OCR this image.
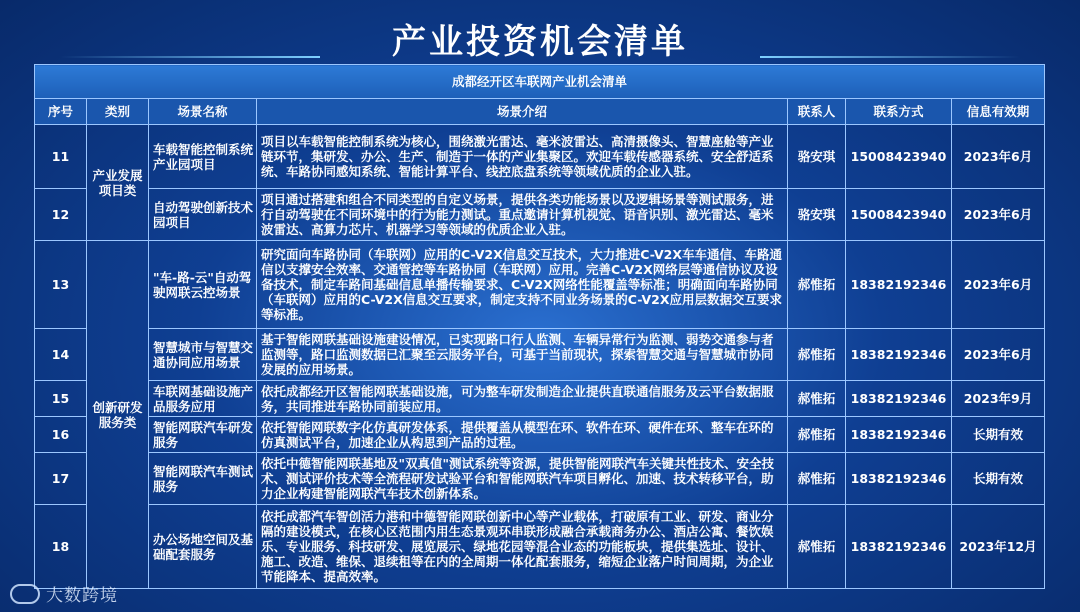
产业投资机会清单
成都经开区车联网产业机会清单						
序号	类别	场景名称	场景介绍	联系人	联系方式	信息有效期
11	产业发展项目类	车载智能控制系统产业园项目	项目以车载智能控制系统为核心，围绕激光雷达、毫米波雷达、高清摄像头、智慧座舱等产业链环节，集研发、办公、生产、制造于一体的产业集聚区。欢迎车载传感器系统、安全舒适系统、车路协同感知系统、智能计算平台、线控底盘系统等领域优质的企业入驻。	骆安琪	15008423940	2023年6月
12		自动驾驶创新技术园项目	项目通过搭建和组合不同类型的自定义场景，提供各类功能场景以及逻辑场景等测试服务，进行自动驾驶在不同环境中的行为能力测试。重点邀请计算机视觉、语音识别、激光雷达、毫米波雷达、高算力芯片、机器学习等领域的优质企业入驻。	骆安琪	15008423940	2023年6月
13	创新研发服务类	"车-路-云"自动驾驶网联云控场景	研究面向车路协同（车联网）应用的C-V2X信息交互技术，大力推进C-V2X车车通信、车路通信以支撑安全效率、交通管控等车路协同（车联网）应用。完善C-V2X网络层等通信协议及设备技术，制定车路间基础信息单播传输要求、C-V2X网络性能覆盖等标准；明确面向车路协同（车联网）应用的C-V2X信息交互要求，制定支持不同业务场景的C-V2X应用层数据交互要求等标准。	郝惟拓	18382192346	2023年6月
14		智慧城市与智慧交通协同应用场景	基于智能网联基础设施建设情况，已实现路口行人监测、车辆异常行为监测、弱势交通参与者监测等，路口监测数据已汇聚至云服务平台，可基于当前现状，探索智慧交通与智慧城市协同发展的应用场景。	郝惟拓	18382192346	2023年6月
15		车联网基础设施产品服务应用	依托成都经开区智能网联基础设施，可为整车研发制造企业提供直联通信服务及云平台数据服务，共同推进车路协同前装应用。	郝惟拓	18382192346	2023年9月
16		智能网联汽车研发服务	依托智能网联数字化仿真研发体系，提供覆盖从模型在环、软件在环、硬件在环、整车在环的仿真测试平台，加速企业从构思到产品的过程。	郝惟拓	18382192346	长期有效
17		智能网联汽车测试服务	依托中德智能网联基地及"双真值"测试系统等资源，提供智能网联汽车关键共性技术、安全技术、测试评价技术等全流程研发试验平台和智能网联汽车项目孵化、加速、技术转移平台，助力企业构建智能网联汽车技术创新体系。	郝惟拓	18382192346	长期有效
18		办公场地空间及基础配套服务	依托成都汽车智创活力港和中德智能网联创新中心等产业载体，打破原有工业、研发、商业分隔的建设模式，在核心区范围内用生态景观环串联形成融合承载商务办公、酒店公寓、餐饮娱乐、专业服务、科技研发、展览展示、绿地花园等混合业态的功能板块，提供集选址、设计、施工、改造、维保、退续租等在内的全周期一体化配套服务，缩短企业落户时间周期，为企业节能降本、提高效率。	郝惟拓	18382192346	2023年12月
大数跨境
